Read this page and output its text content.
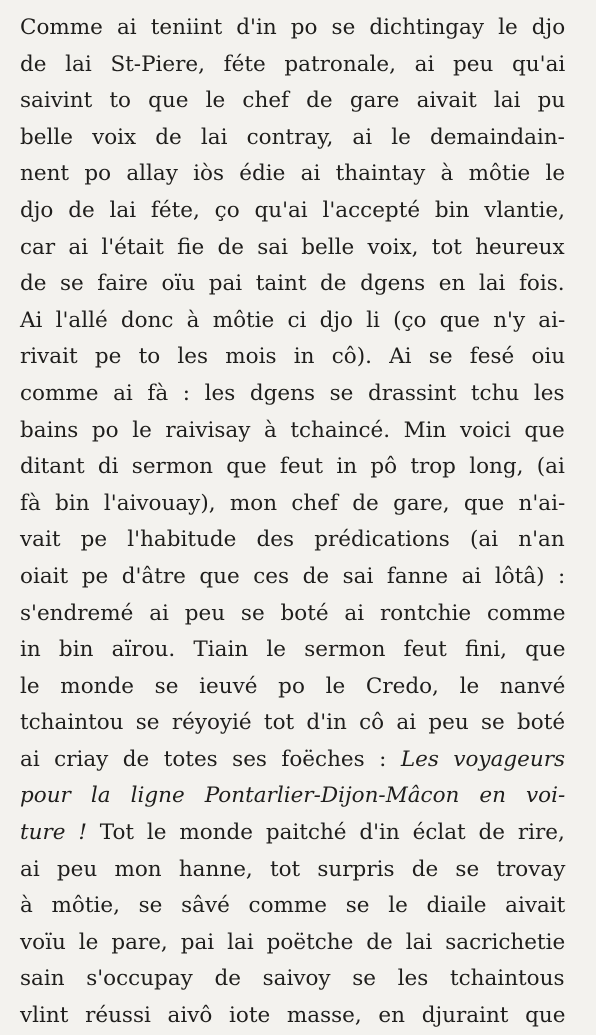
Comme ai teniint d'in po se dichtingay le djo
de lai St-Piere, féte patronale, ai peu qu'ai
saivint to que le chef de gare aivait lai pu
belle voix de lai contray, ai le demaindain-
nent po allay iòs édie ai thaintay à môtie le
djo de lai féte, ço qu'ai l'accepté bin vlantie,
car ai l'était fie de sai belle voix, tot heureux
de se faire oïu pai taint de dgens en lai fois.
Ai l'allé donc à môtie ci djo li (ço que n'y ai-
rivait pe to les mois in cô). Ai se fesé oiu
comme ai fà : les dgens se drassint tchu les
bains po le raivisay à tchaincé. Min voici que
ditant di sermon que feut in pô trop long, (ai
fà bin l'aivouay), mon chef de gare, que n'ai-
vait pe l'habitude des prédications (ai n'an
oiait pe d'âtre que ces de sai fanne ai lôtâ) :
s'endremé ai peu se boté ai rontchie comme
in bin aïrou. Tiain le sermon feut fini, que
le monde se ieuvé po le Credo, le nanvé
tchaintou se réyoyié tot d'in cô ai peu se boté
ai criay de totes ses foëches : Les voyageurs
pour la ligne Pontarlier-Dijon-Mâcon en voi-
ture ! Tot le monde paitché d'in éclat de rire,
ai peu mon hanne, tot surpris de se trovay
à môtie, se sâvé comme se le diaile aivait
voïu le pare, pai lai poëtche de lai sacrichetie
sain s'occupay de saivoy se les tchaintous
vlint réussi aivô iote masse, en djuraint que
